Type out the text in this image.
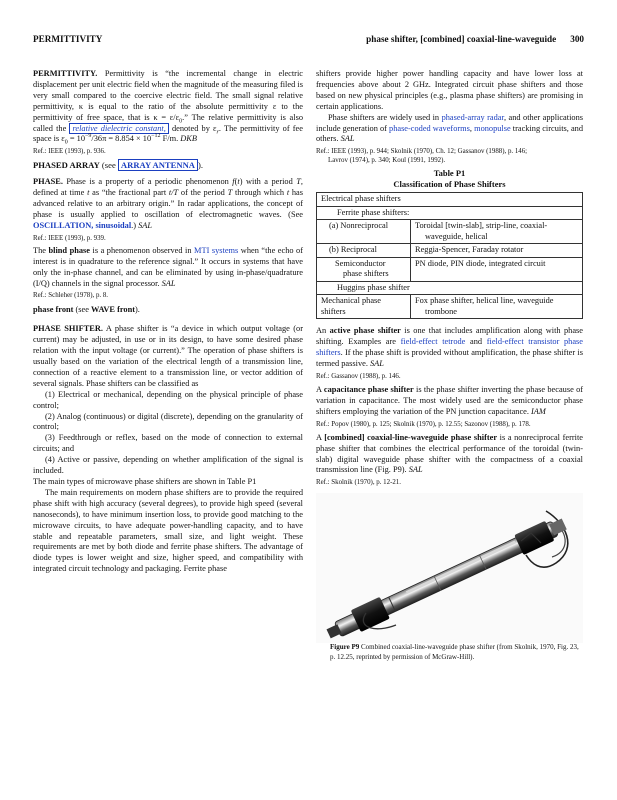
PERMITTIVITY	phase shifter, [combined] coaxial-line-waveguide 300

PERMITTIVITY. Permittivity is “the incremental change in electric displacement per unit electric field when the magnitude of the measuring filed is very small compared to the coercive electric field. The small signal relative permittivity, κ is equal to the ratio of the absolute permittivity ε to the permittivity of free space, that is $\kappa = \varepsilon/\varepsilon_0$.” The relative permittivity is also called the relative dielectric constant, denoted by $\varepsilon_r$. The permittivity of fee space is $\varepsilon_0 = 10^{-9}/36\pi = 8.854 \times 10^{-12}$ F/m. DKB

Ref.: IEEE (1993), p. 936.

PHASED ARRAY (see ARRAY ANTENNA ).

PHASE. Phase is a property of a periodic phenomenon f(t) with a period T, defined at time t as “the fractional part t/T of the period T through which t has advanced relative to an arbitrary origin.” In radar applications, the concept of phase is usually applied to oscillation of electromagnetic waves. (See OSCILLATION, sinusoidal.) SAL

Ref.: IEEE (1993), p. 939.

The blind phase is a phenomenon observed in MTI systems when “the echo of interest is in quadrature to the reference signal.” It occurs in systems that have only the in-phase channel, and can be eliminated by using in-phase/quadrature (I/Q) channels in the signal processor. SAL

Ref.: Schleher (1978), p. 8.

phase front (see WAVE front).

PHASE SHIFTER. A phase shifter is “a device in which output voltage (or current) may be adjusted, in use or in its design, to have some desired phase relation with the input voltage (or current).” The operation of phase shifters is usually based on the variation of the electrical length of a transmission line, connection of a reactive element to a transmission line, or vector addition of several signals. Phase shifters can be classified as

(1) Electrical or mechanical, depending on the physical principle of phase control;

(2) Analog (continuous) or digital (discrete), depending on the granularity of control;

(3) Feedthrough or reflex, based on the mode of connection to external circuits; and

(4) Active or passive, depending on whether amplification of the signal is included.

The main types of microwave phase shifters are shown in Table P1

The main requirements on modern phase shifters are to provide the required phase shift with high accuracy (several degrees), to provide high speed (several nanoseconds), to have minimum insertion loss, to provide good matching to the microwave circuits, to have adequate power-handling capacity, and to have stable and repeatable parameters, small size, and light weight. These requirements are met by both diode and ferrite phase shifters. The advantage of diode types is lower weight and size, higher speed, and compatibility with integrated circuit technology and packaging. Ferrite phase

shifters provide higher power handling capacity and have lower loss at frequencies above about 2 GHz. Integrated circuit phase shifters and those based on new physical principles (e.g., plasma phase shifters) are promising in certain applications.

Phase shifters are widely used in phased-array radar, and other applications include generation of phase-coded waveforms, monopulse tracking circuits, and others. SAL

Ref.: IEEE (1993), p. 944; Skolnik (1970), Ch. 12; Gassanov (1988), p. 146;
Lavrov (1974), p. 340; Koul (1991, 1992).

Table P1
Classification of Phase Shifters
Electrical phase shifters	
Ferrite phase shifters:	
(a) Nonreciprocal	Toroidal [twin-slab], strip-line, coaxial- waveguide, helical
(b) Reciprocal	Reggia-Spencer, Faraday rotator
Semiconductor phase shifters	PN diode, PIN diode, integrated circuit
Huggins phase shifter	
Mechanical phase shifters	Fox phase shifter, helical line, waveguide trombone

An active phase shifter is one that includes amplification along with phase shifting. Examples are field-effect tetrode and field-effect transistor phase shifters. If the phase shift is provided without amplification, the phase shifter is termed passive. SAL

Ref.: Gassanov (1988), p. 146.

A capacitance phase shifter is the phase shifter inverting the phase because of variation in capacitance. The most widely used are the semiconductor phase shifters employing the variation of the PN junction capacitance. IAM

Ref.: Popov (1980), p. 125; Skolnik (1970), p. 12.55; Sazonov (1988), p. 178.

A [combined] coaxial-line-waveguide phase shifter is a nonreciprocal ferrite phase shifter that combines the electrical performance of the toroidal (twin-slab) digital waveguide phase shifter with the compactness of a coaxial transmission line (Fig. P9). SAL

Ref.: Skolnik (1970), p. 12-21.

Figure P9 Combined coaxial-line-waveguide phase shifter (from Skolnik, 1970, Fig. 23, p. 12.25, reprinted by permission of McGraw-Hill).
